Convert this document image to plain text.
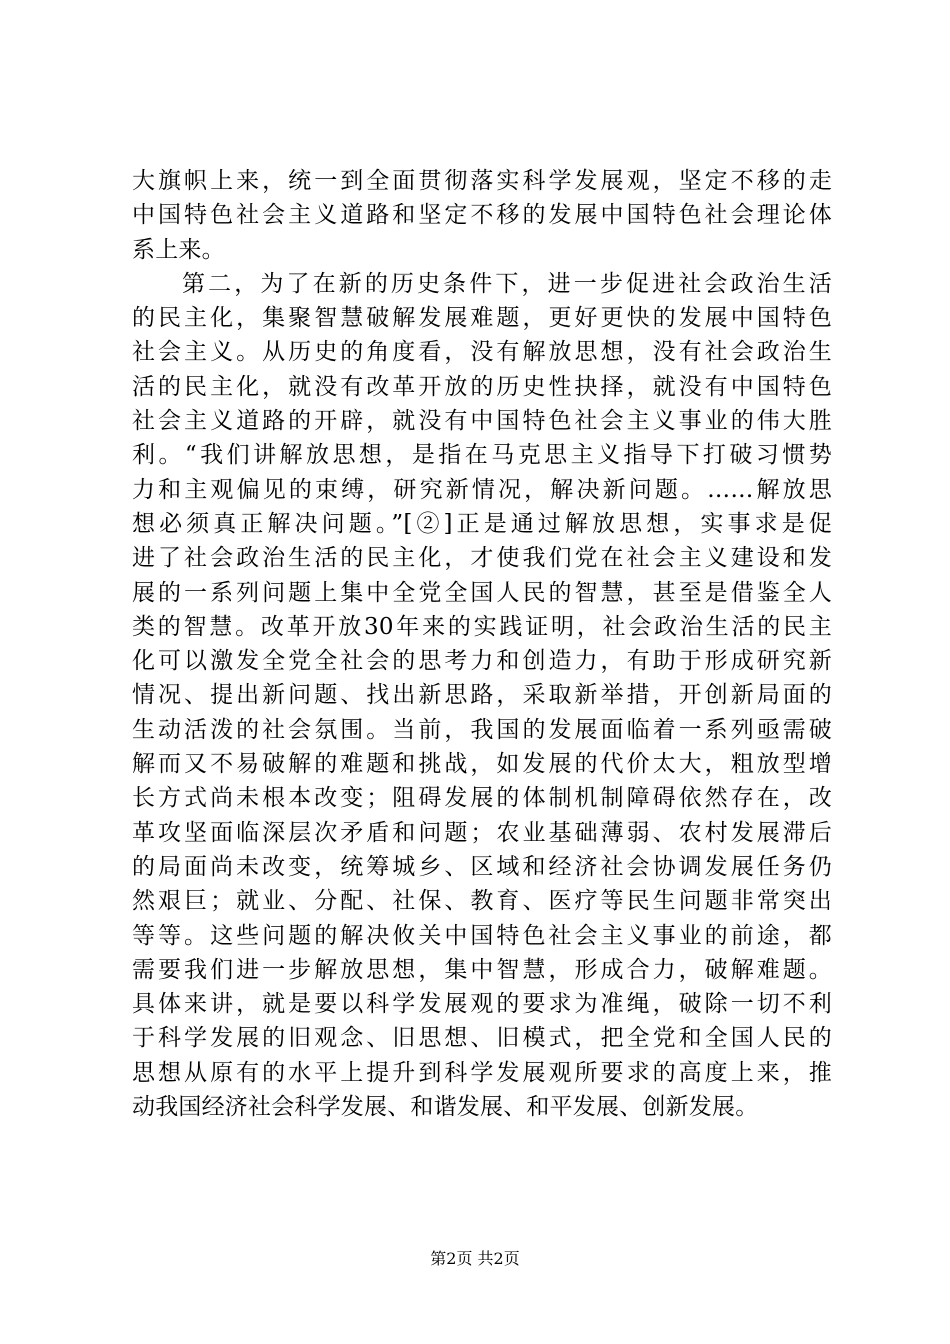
大旗帜上来，统一到全面贯彻落实科学发展观，坚定不移的走
中国特色社会主义道路和坚定不移的发展中国特色社会理论体
系上来。
第二，为了在新的历史条件下，进一步促进社会政治生活
的民主化，集聚智慧破解发展难题，更好更快的发展中国特色
社会主义。从历史的角度看，没有解放思想，没有社会政治生
活的民主化，就没有改革开放的历史性抉择，就没有中国特色
社会主义道路的开辟，就没有中国特色社会主义事业的伟大胜
利。“我们讲解放思想，是指在马克思主义指导下打破习惯势
力和主观偏见的束缚，研究新情况，解决新问题。……解放思
想必须真正解决问题。”[②]正是通过解放思想，实事求是促
进了社会政治生活的民主化，才使我们党在社会主义建设和发
展的一系列问题上集中全党全国人民的智慧，甚至是借鉴全人
类的智慧。改革开放30年来的实践证明，社会政治生活的民主
化可以激发全党全社会的思考力和创造力，有助于形成研究新
情况、提出新问题、找出新思路，采取新举措，开创新局面的
生动活泼的社会氛围。当前，我国的发展面临着一系列亟需破
解而又不易破解的难题和挑战，如发展的代价太大，粗放型增
长方式尚未根本改变；阻碍发展的体制机制障碍依然存在，改
革攻坚面临深层次矛盾和问题；农业基础薄弱、农村发展滞后
的局面尚未改变，统筹城乡、区域和经济社会协调发展任务仍
然艰巨；就业、分配、社保、教育、医疗等民生问题非常突出
等等。这些问题的解决攸关中国特色社会主义事业的前途，都
需要我们进一步解放思想，集中智慧，形成合力，破解难题。
具体来讲，就是要以科学发展观的要求为准绳，破除一切不利
于科学发展的旧观念、旧思想、旧模式，把全党和全国人民的
思想从原有的水平上提升到科学发展观所要求的高度上来，推
动我国经济社会科学发展、和谐发展、和平发展、创新发展。
第2页 共2页
